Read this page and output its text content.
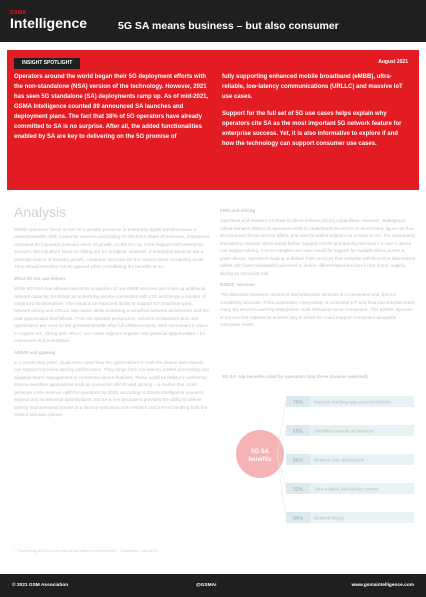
GSMA
Intelligence	5G SA means business – but also consumer
INSIGHT SPOTLIGHT	August 2021

Operators around the world began their 5G deployment efforts with the non-standalone (NSA) version of the technology. However, 2021 has seen 5G standalone (SA) deployments ramp up. As of mid-2021, GSMA Intelligence counted 89 announced SA launches and deployment plans. The fact that 38% of 5G operators have already committed to SA is no surprise. After all, the added functionalities enabled by SA are key to delivering on the 5G promise of

fully supporting enhanced mobile broadband (eMBB), ultra-reliable, low-latency communications (URLLC) and massive IoT use cases.

Support for the full set of 5G use cases helps explain why operators cite SA as the most important 5G network feature for enterprise success. Yet, it is also informative to explore if and how the technology can support consumer use cases.

Analysis

Mobile operators' focus on 5G for a greater presence in enterprise digital transformation is understandable. With consumer services accounting for the lion's share of revenues, enterprises represent an important potential driver of growth. As 5G SA can more support such enterprise services, the industry's focus on rolling out SA is logical. However, if enterprise services are a potential source of industry growth, consumer services are the current driver of industry scale. They should therefore not be ignored when considering the benefits of SA.

What 5G SA can deliver

While 5G NSA has allowed operators to quickly roll out eMBB services and scale up additional network capacity, SA brings an underlying service connection with LTE and brings a number of enhanced functionalities. The result is an improved ability to support IoT (machine type), network slicing and URLLC use cases, while delivering a simplified network architecture and the cost optimization that follows. From an operator perspective, network architecture and cost optimization are cited as the greatest benefits after full enhancements. With consumers in place to support IoT, slicing and URLLC use cases support requires new potential opportunities – for consumers and enterprises.

AR/VR and gaming

In a recent blog post¹, Qualcomm noted how 5G optimizations in both the device and network can support improved latency performance. They range from low-latency packet processing and adaptive beam management to connected device features. These could be helpful in delivering latency-sensitive applications such as consumer AR/VR and gaming – a market that could generate a 6% revenue uplift for operators by 2025, according to GSMA Intelligence research. Beyond any incremental optimisations, 5G SA is key because it provides the ability to deliver latency improvements thanks to a latency-optimised core network and a RAN handling both the control and data planes.

FWA and slicing

Operators and vendors continue to demo network slicing capabilities. However, widespread rollout remains distant as operators work to understand the return on investment, figure out how slicing would fit into service offers, and wait for added support via a move to SA. For consumers, low-latency network slices would further support AR/VR and gaming services if a user's device can support slicing. A more complex use case would be support for multiple slices across a given device. Operators looking to deliver FWA services that compete with fixed-line alternatives (albeit with lower bandwidth) will need to deliver differentiated services in the home, making slicing an important tool.

B2B2C services

The distinction between consumer and enterprise services is a convenient one, but not completely accurate. From automotive connectivity to consumer IoT and financial entertainment, many 5G services used by enterprises could ultimately serve consumers. This B2B2C dynamic is not new but represents another way in which SA could support consumers alongside enterprise users.

5G SA: top benefits cited by operators (top three choices selected)
5G SA
benefits
70% Massive machine-type communications
60% Simplified network architecture
56% Network cost optimisation
52% Ultra-reliable, low-latency comms
44% Network slicing
¹ "Optimizing 5G for a new era of low-latency experiences", Qualcomm, July 2021
© 2021 GSM Association	@GSMAi	www.gsmaintelligence.com
